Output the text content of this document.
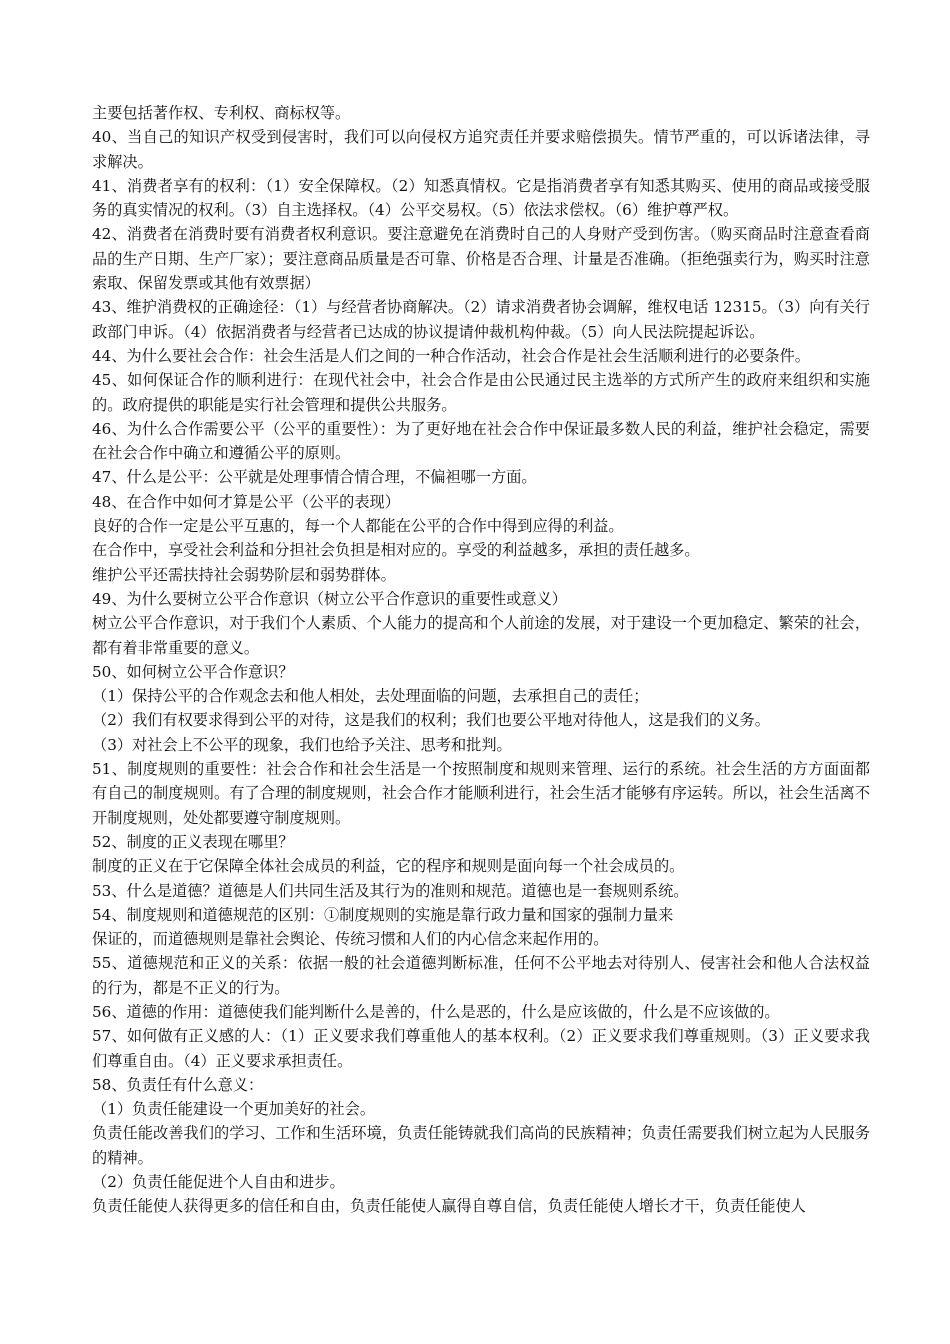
主要包括著作权、专利权、商标权等。

40、当自己的知识产权受到侵害时，我们可以向侵权方追究责任并要求赔偿损失。情节严重的，可以诉诸法律，寻求解决。

41、消费者享有的权利：（1）安全保障权。（2）知悉真情权。它是指消费者享有知悉其购买、使用的商品或接受服务的真实情况的权利。（3）自主选择权。（4）公平交易权。（5）依法求偿权。（6）维护尊严权。

42、消费者在消费时要有消费者权利意识。要注意避免在消费时自己的人身财产受到伤害。（购买商品时注意查看商品的生产日期、生产厂家）；要注意商品质量是否可靠、价格是否合理、计量是否准确。（拒绝强卖行为，购买时注意索取、保留发票或其他有效票据）

43、维护消费权的正确途径：（1）与经营者协商解决。（2）请求消费者协会调解，维权电话 12315。（3）向有关行政部门申诉。（4）依据消费者与经营者已达成的协议提请仲裁机构仲裁。（5）向人民法院提起诉讼。

44、为什么要社会合作：社会生活是人们之间的一种合作活动，社会合作是社会生活顺利进行的必要条件。

45、如何保证合作的顺利进行：在现代社会中，社会合作是由公民通过民主选举的方式所产生的政府来组织和实施的。政府提供的职能是实行社会管理和提供公共服务。

46、为什么合作需要公平（公平的重要性）：为了更好地在社会合作中保证最多数人民的利益，维护社会稳定，需要在社会合作中确立和遵循公平的原则。

47、什么是公平：公平就是处理事情合情合理，不偏袒哪一方面。

48、在合作中如何才算是公平（公平的表现）

良好的合作一定是公平互惠的，每一个人都能在公平的合作中得到应得的利益。

在合作中，享受社会利益和分担社会负担是相对应的。享受的利益越多，承担的责任越多。

维护公平还需扶持社会弱势阶层和弱势群体。

49、为什么要树立公平合作意识（树立公平合作意识的重要性或意义）

树立公平合作意识，对于我们个人素质、个人能力的提高和个人前途的发展，对于建设一个更加稳定、繁荣的社会，都有着非常重要的意义。

50、如何树立公平合作意识？

（1）保持公平的合作观念去和他人相处，去处理面临的问题，去承担自己的责任；

（2）我们有权要求得到公平的对待，这是我们的权利；我们也要公平地对待他人，这是我们的义务。

（3）对社会上不公平的现象，我们也给予关注、思考和批判。

51、制度规则的重要性：社会合作和社会生活是一个按照制度和规则来管理、运行的系统。社会生活的方方面面都有自己的制度规则。有了合理的制度规则，社会合作才能顺利进行，社会生活才能够有序运转。所以，社会生活离不开制度规则，处处都要遵守制度规则。

52、制度的正义表现在哪里？

制度的正义在于它保障全体社会成员的利益，它的程序和规则是面向每一个社会成员的。

53、什么是道德？道德是人们共同生活及其行为的准则和规范。道德也是一套规则系统。

54、制度规则和道德规范的区别：①制度规则的实施是靠行政力量和国家的强制力量来

保证的，而道德规则是靠社会舆论、传统习惯和人们的内心信念来起作用的。

55、道德规范和正义的关系：依据一般的社会道德判断标准，任何不公平地去对待别人、侵害社会和他人合法权益的行为，都是不正义的行为。

56、道德的作用：道德使我们能判断什么是善的，什么是恶的，什么是应该做的，什么是不应该做的。

57、如何做有正义感的人：（1）正义要求我们尊重他人的基本权利。（2）正义要求我们尊重规则。（3）正义要求我们尊重自由。（4）正义要求承担责任。

58、负责任有什么意义：

（1）负责任能建设一个更加美好的社会。

负责任能改善我们的学习、工作和生活环境，负责任能铸就我们高尚的民族精神；负责任需要我们树立起为人民服务的精神。

（2）负责任能促进个人自由和进步。

负责任能使人获得更多的信任和自由，负责任能使人赢得自尊自信，负责任能使人增长才干，负责任能使人
